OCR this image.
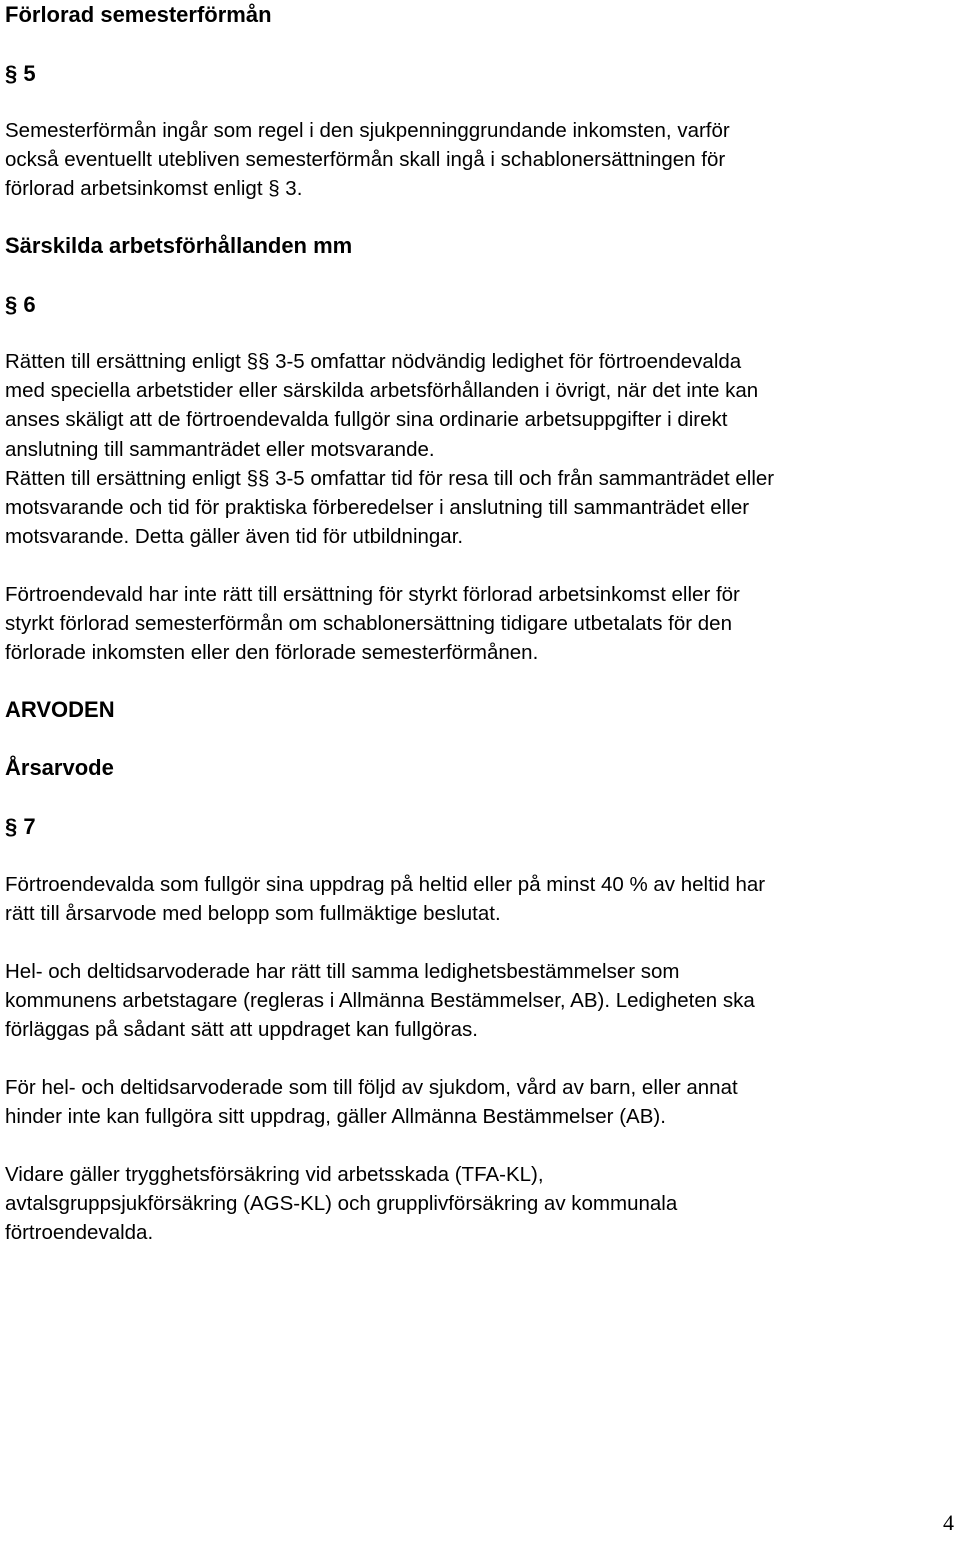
Förlorad semesterförmån
§ 5

Semesterförmån ingår som regel i den sjukpenninggrundande inkomsten, varför
också eventuellt utebliven semesterförmån skall ingå i schablonersättningen för
förlorad arbetsinkomst enligt § 3.

Särskilda arbetsförhållanden mm
§ 6

Rätten till ersättning enligt §§ 3-5 omfattar nödvändig ledighet för förtroendevalda
med speciella arbetstider eller särskilda arbetsförhållanden i övrigt, när det inte kan
anses skäligt att de förtroendevalda fullgör sina ordinarie arbetsuppgifter i direkt
anslutning till sammanträdet eller motsvarande.

Rätten till ersättning enligt §§ 3-5 omfattar tid för resa till och från sammanträdet eller
motsvarande och tid för praktiska förberedelser i anslutning till sammanträdet eller
motsvarande. Detta gäller även tid för utbildningar.

Förtroendevald har inte rätt till ersättning för styrkt förlorad arbetsinkomst eller för
styrkt förlorad semesterförmån om schablonersättning tidigare utbetalats för den
förlorade inkomsten eller den förlorade semesterförmånen.

ARVODEN
Årsarvode
§ 7

Förtroendevalda som fullgör sina uppdrag på heltid eller på minst 40 % av heltid har
rätt till årsarvode med belopp som fullmäktige beslutat.

Hel- och deltidsarvoderade har rätt till samma ledighetsbestämmelser som
kommunens arbetstagare (regleras i Allmänna Bestämmelser, AB). Ledigheten ska
förläggas på sådant sätt att uppdraget kan fullgöras.

För hel- och deltidsarvoderade som till följd av sjukdom, vård av barn, eller annat
hinder inte kan fullgöra sitt uppdrag, gäller Allmänna Bestämmelser (AB).

Vidare gäller trygghetsförsäkring vid arbetsskada (TFA-KL),
avtalsgruppsjukförsäkring (AGS-KL) och grupplivförsäkring av kommunala
förtroendevalda.

4
